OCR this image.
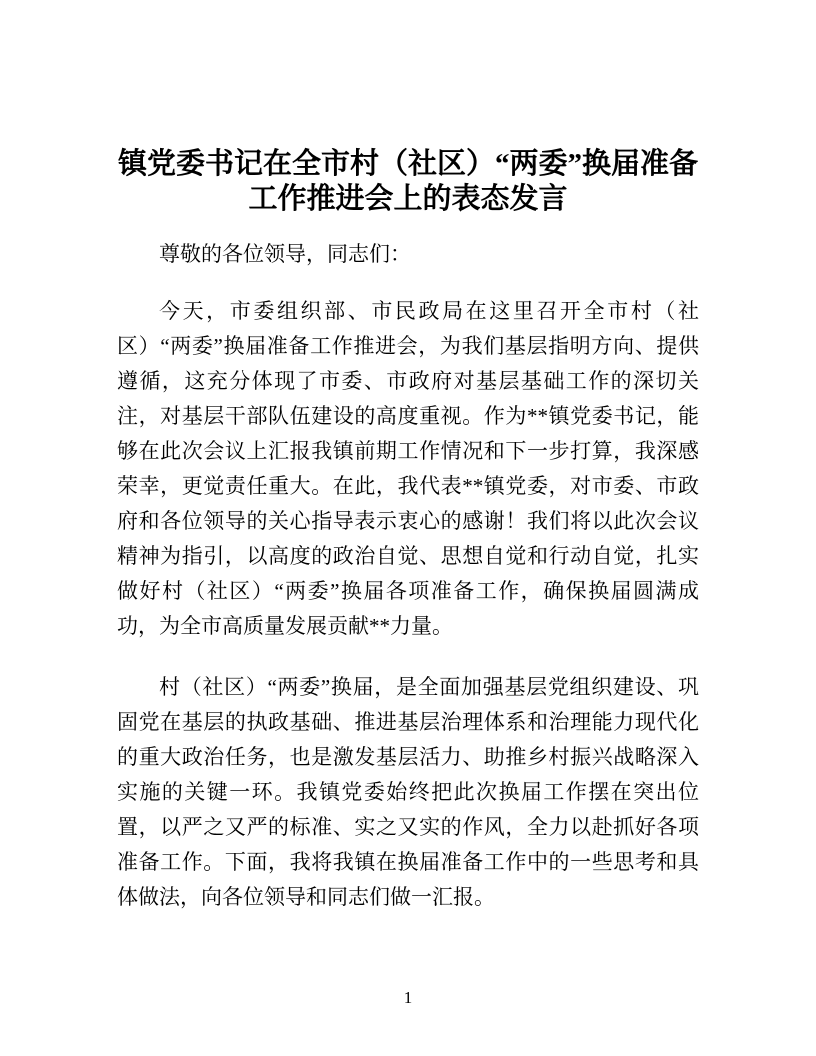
镇党委书记在全市村（社区）“两委”换届准备工作推进会上的表态发言

尊敬的各位领导，同志们：

今天，市委组织部、市民政局在这里召开全市村（社区）“两委”换届准备工作推进会，为我们基层指明方向、提供遵循，这充分体现了市委、市政府对基层基础工作的深切关注，对基层干部队伍建设的高度重视。作为**镇党委书记，能够在此次会议上汇报我镇前期工作情况和下一步打算，我深感荣幸，更觉责任重大。在此，我代表**镇党委，对市委、市政府和各位领导的关心指导表示衷心的感谢！我们将以此次会议精神为指引，以高度的政治自觉、思想自觉和行动自觉，扎实做好村（社区）“两委”换届各项准备工作，确保换届圆满成功，为全市高质量发展贡献**力量。

村（社区）“两委”换届，是全面加强基层党组织建设、巩固党在基层的执政基础、推进基层治理体系和治理能力现代化的重大政治任务，也是激发基层活力、助推乡村振兴战略深入实施的关键一环。我镇党委始终把此次换届工作摆在突出位置，以严之又严的标准、实之又实的作风，全力以赴抓好各项准备工作。下面，我将我镇在换届准备工作中的一些思考和具体做法，向各位领导和同志们做一汇报。

1
